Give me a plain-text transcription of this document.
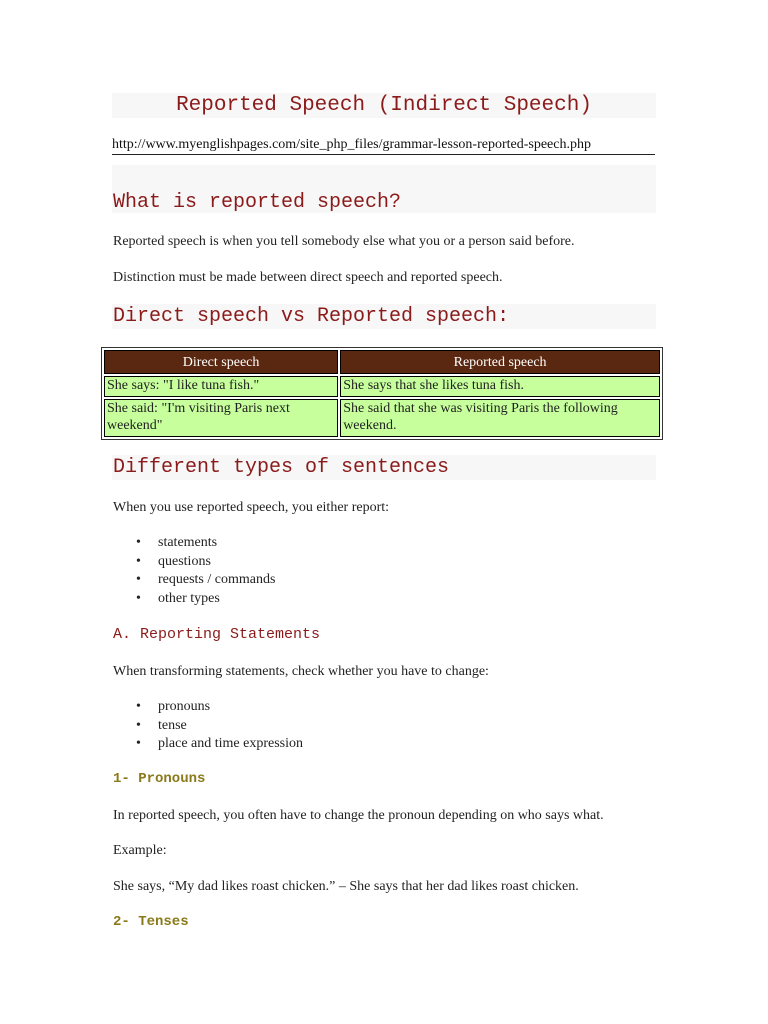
Reported Speech (Indirect Speech)
http://www.myenglishpages.com/site_php_files/grammar-lesson-reported-speech.php
What is reported speech?
Reported speech is when you tell somebody else what you or a person said before.
Distinction must be made between direct speech and reported speech.
Direct speech vs Reported speech:
Direct speech	Reported speech
She says: "I like tuna fish."	She says that she likes tuna fish.
She said: "I'm visiting Paris next weekend"	She said that she was visiting Paris the following weekend.
Different types of sentences
When you use reported speech, you either report:
• statements
• questions
• requests / commands
• other types
A. Reporting Statements
When transforming statements, check whether you have to change:
• pronouns
• tense
• place and time expression
1- Pronouns
In reported speech, you often have to change the pronoun depending on who says what.
Example:
She says, “My dad likes roast chicken.” – She says that her dad likes roast chicken.
2- Tenses
